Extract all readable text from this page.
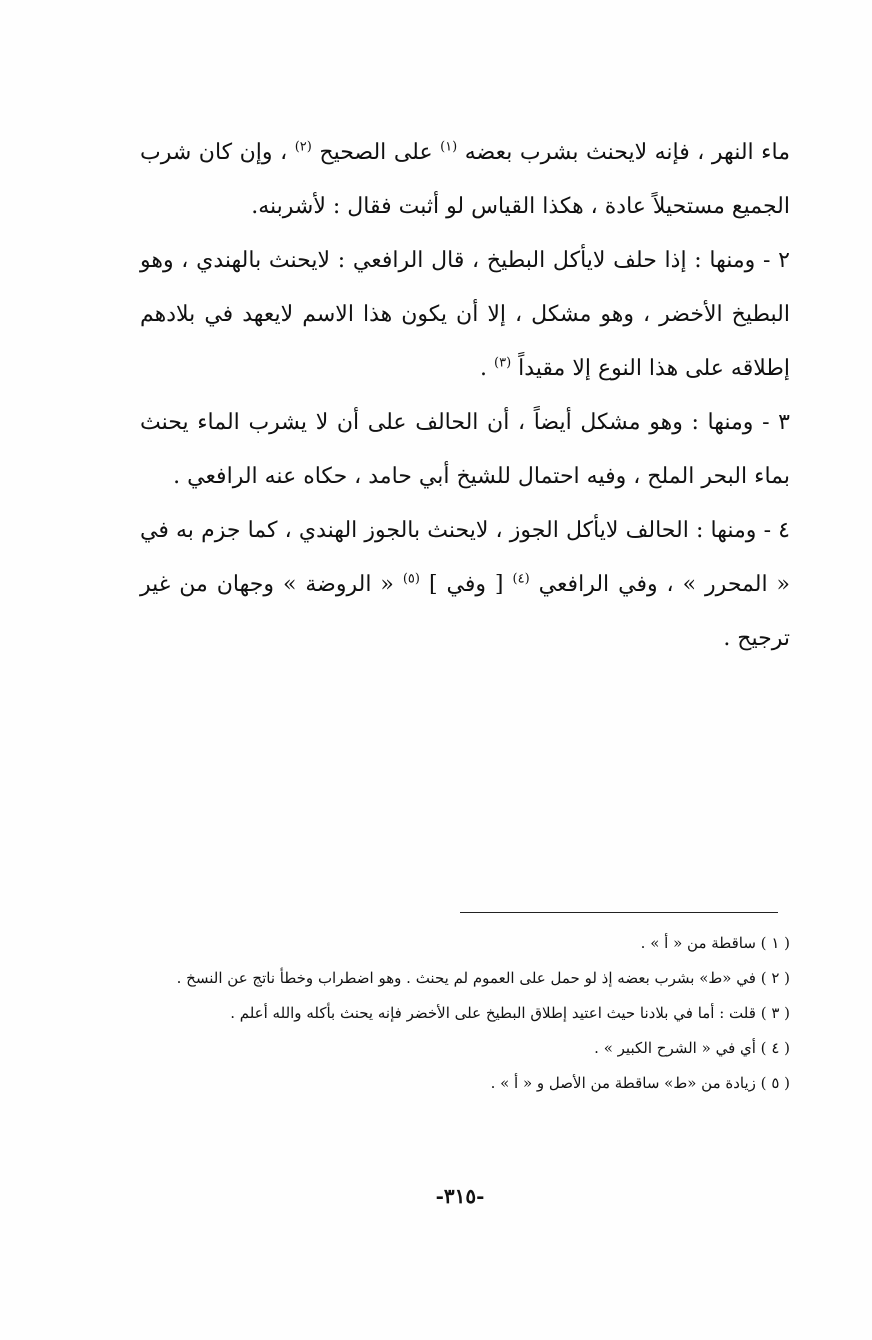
ماء النهر ، فإنه لايحنث بشرب بعضه $^{(١)}$ على الصحيح $^{(٢)}$ ، وإن كان شرب الجميع مستحيلاً عادة ، هكذا القياس لو أثبت فقال : لأشربنه.

٢ - ومنها : إذا حلف لايأكل البطيخ ، قال الرافعي : لايحنث بالهندي ، وهو البطيخ الأخضر ، وهو مشكل ، إلا أن يكون هذا الاسم لايعهد في بلادهم إطلاقه على هذا النوع إلا مقيداً $^{(٣)}$ .

٣ - ومنها : وهو مشكل أيضاً ، أن الحالف على أن لا يشرب الماء يحنث بماء البحر الملح ، وفيه احتمال للشيخ أبي حامد ، حكاه عنه الرافعي .

٤ - ومنها : الحالف لايأكل الجوز ، لايحنث بالجوز الهندي ، كما جزم به في « المحرر » ، وفي الرافعي $^{(٤)}$ [ وفي ] $^{(٥)}$ « الروضة » وجهان من غير ترجيح .

( ١ ) ساقطة من « أ » .

( ٢ ) في «ط» بشرب بعضه إذ لو حمل على العموم لم يحنث . وهو اضطراب وخطأ ناتج عن النسخ .

( ٣ ) قلت : أما في بلادنا حيث اعتيد إطلاق البطيخ على الأخضر فإنه يحنث بأكله والله أعلم .

( ٤ ) أي في « الشرح الكبير » .

( ٥ ) زيادة من «ط» ساقطة من الأصل و « أ » .

-٣١٥-
